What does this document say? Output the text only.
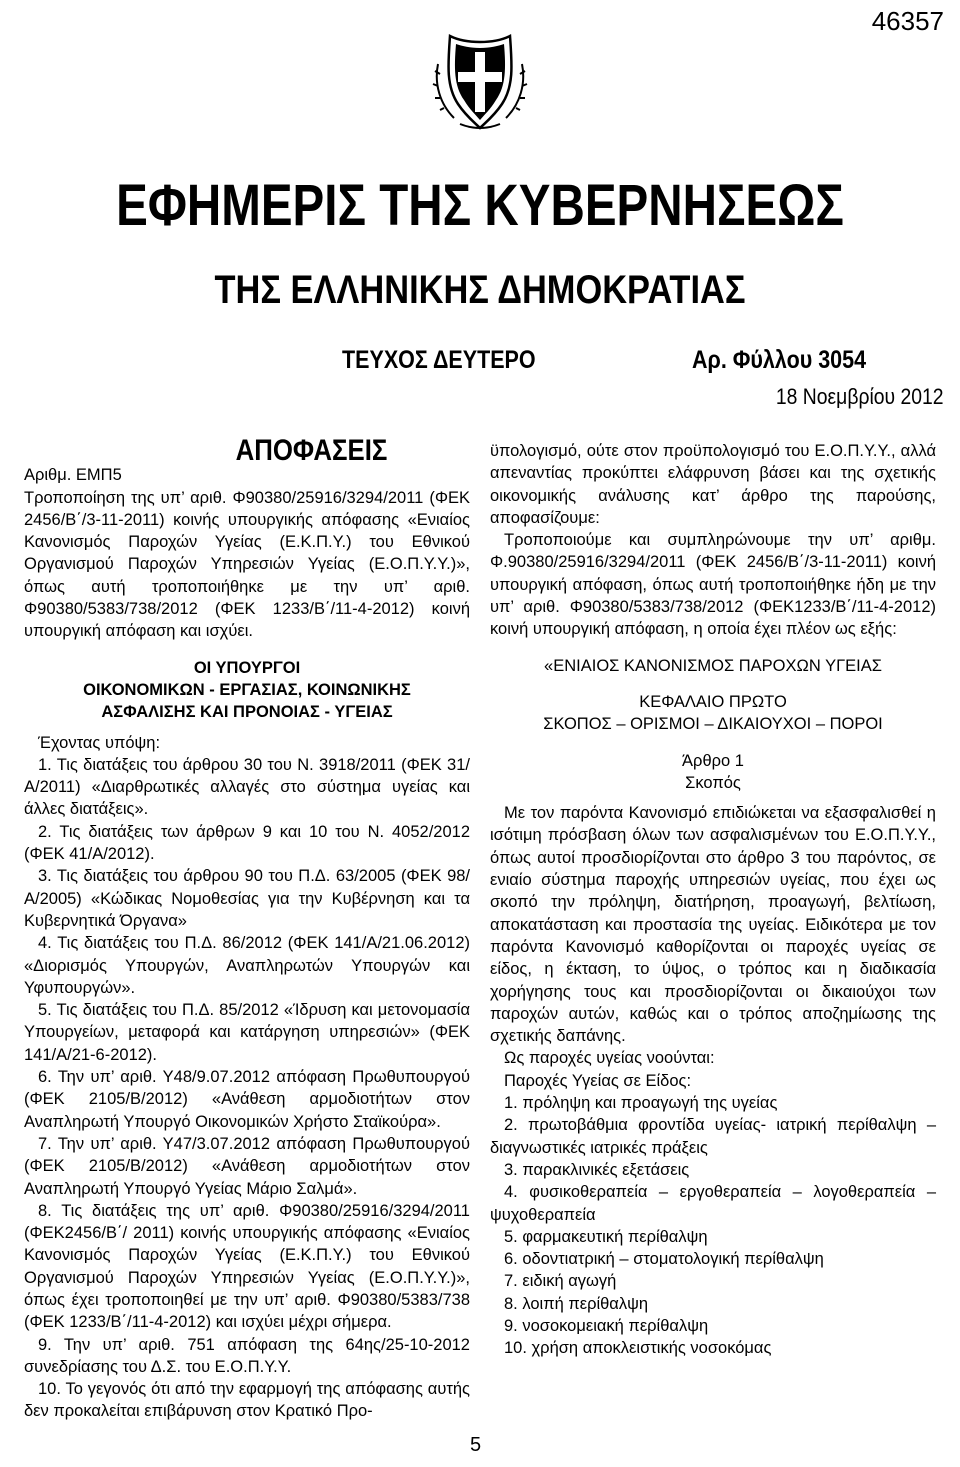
46357
ΕΦΗΜΕΡΙΣ ΤΗΣ ΚΥΒΕΡΝΗΣΕΩΣ
ΤΗΣ ΕΛΛΗΝΙΚΗΣ ΔΗΜΟΚΡΑΤΙΑΣ
ΤΕΥΧΟΣ ΔΕΥΤΕΡΟ	Αρ. Φύλλου 3054
18 Νοεμβρίου 2012
ΑΠΟΦΑΣΕΙΣ

Αριθμ. ΕΜΠ5

Τροποποίηση της υπ’ αριθ. Φ90380/25916/3294/2011 (ΦΕΚ 2456/Β΄/3-11-2011) κοινής υπουργικής απόφασης «Ενιαίος Κανονισμός Παροχών Υγείας (Ε.Κ.Π.Υ.) του Εθνικού Οργανισμού Παροχών Υπηρεσιών Υγείας (Ε.Ο.Π.Υ.Υ.)», όπως αυτή τροποποιήθηκε με την υπ’ αριθ. Φ90380/5383/738/2012 (ΦΕΚ 1233/Β΄/11-4-2012) κοινή υπουργική απόφαση και ισχύει.

ΟΙ ΥΠΟΥΡΓΟΙ

ΟΙΚΟΝΟΜΙΚΩΝ - ΕΡΓΑΣΙΑΣ, ΚΟΙΝΩΝΙΚΗΣ

ΑΣΦΑΛΙΣΗΣ ΚΑΙ ΠΡΟΝΟΙΑΣ - ΥΓΕΙΑΣ

Έχοντας υπόψη:

1. Τις διατάξεις του άρθρου 30 του Ν. 3918/2011 (ΦΕΚ 31/Α/2011) «Διαρθρωτικές αλλαγές στο σύστημα υγείας και άλλες διατάξεις».

2. Τις διατάξεις των άρθρων 9 και 10 του Ν. 4052/2012 (ΦΕΚ 41/Α/2012).

3. Τις διατάξεις του άρθρου 90 του Π.Δ. 63/2005 (ΦΕΚ 98/Α/2005) «Κώδικας Νομοθεσίας για την Κυβέρνηση και τα Κυβερνητικά Όργανα»

4. Τις διατάξεις του Π.Δ. 86/2012 (ΦΕΚ 141/Α/21.06.2012) «Διορισμός Υπουργών, Αναπληρωτών Υπουργών και Υφυπουργών».

5. Τις διατάξεις του Π.Δ. 85/2012 «Ίδρυση και μετονομασία Υπουργείων, μεταφορά και κατάργηση υπηρεσιών» (ΦΕΚ 141/Α/21-6-2012).

6. Την υπ’ αριθ. Υ48/9.07.2012 απόφαση Πρωθυπουργού (ΦΕΚ 2105/Β/2012) «Ανάθεση αρμοδιοτήτων στον Αναπληρωτή Υπουργό Οικονομικών Χρήστο Σταϊκούρα».

7. Την υπ’ αριθ. Υ47/3.07.2012 απόφαση Πρωθυπουργού (ΦΕΚ 2105/Β/2012) «Ανάθεση αρμοδιοτήτων στον Αναπληρωτή Υπουργό Υγείας Μάριο Σαλμά».

8. Τις διατάξεις της υπ’ αριθ. Φ90380/25916/3294/2011 (ΦΕΚ2456/Β΄/ 2011) κοινής υπουργικής απόφασης «Ενιαίος Κανονισμός Παροχών Υγείας (Ε.Κ.Π.Υ.) του Εθνικού Οργανισμού Παροχών Υπηρεσιών Υγείας (Ε.Ο.Π.Υ.Υ.)», όπως έχει τροποποιηθεί με την υπ’ αριθ. Φ90380/5383/738 (ΦΕΚ 1233/Β΄/11-4-2012) και ισχύει μέχρι σήμερα.

9. Την υπ’ αριθ. 751 απόφαση της 64ης/25-10-2012 συνεδρίασης του Δ.Σ. του Ε.Ο.Π.Υ.Υ.

10. Το γεγονός ότι από την εφαρμογή της απόφασης αυτής δεν προκαλείται επιβάρυνση στον Κρατικό Προ-

ϋπολογισμό, ούτε στον προϋπολογισμό του Ε.Ο.Π.Υ.Υ., αλλά απεναντίας προκύπτει ελάφρυνση βάσει και της σχετικής οικονομικής ανάλυσης κατ’ άρθρο της παρούσης, αποφασίζουμε:

Τροποποιούμε και συμπληρώνουμε την υπ’ αριθμ. Φ.90380/25916/3294/2011 (ΦΕΚ 2456/Β΄/3-11-2011) κοινή υπουργική απόφαση, όπως αυτή τροποποιήθηκε ήδη με την υπ’ αριθ. Φ90380/5383/738/2012 (ΦΕΚ1233/Β΄/11-4-2012) κοινή υπουργική απόφαση, η οποία έχει πλέον ως εξής:

«ΕΝΙΑΙΟΣ ΚΑΝΟΝΙΣΜΟΣ ΠΑΡΟΧΩΝ ΥΓΕΙΑΣ

ΚΕΦΑΛΑΙΟ ΠΡΩΤΟ

ΣΚΟΠΟΣ – ΟΡΙΣΜΟΙ – ΔΙΚΑΙΟΥΧΟΙ – ΠΟΡΟΙ

Άρθρο 1

Σκοπός

Με τον παρόντα Κανονισμό επιδιώκεται να εξασφαλισθεί η ισότιμη πρόσβαση όλων των ασφαλισμένων του Ε.Ο.Π.Υ.Υ., όπως αυτοί προσδιορίζονται στο άρθρο 3 του παρόντος, σε ενιαίο σύστημα παροχής υπηρεσιών υγείας, που έχει ως σκοπό την πρόληψη, διατήρηση, προαγωγή, βελτίωση, αποκατάσταση και προστασία της υγείας. Ειδικότερα με τον παρόντα Κανονισμό καθορίζονται οι παροχές υγείας σε είδος, η έκταση, το ύψος, ο τρόπος και η διαδικασία χορήγησης τους και προσδιορίζονται οι δικαιούχοι των παροχών αυτών, καθώς και ο τρόπος αποζημίωσης της σχετικής δαπάνης.

Ως παροχές υγείας νοούνται:

Παροχές Υγείας σε Είδος:

1. πρόληψη και προαγωγή της υγείας

2. πρωτοβάθμια φροντίδα υγείας- ιατρική περίθαλψη – διαγνωστικές ιατρικές πράξεις

3. παρακλινικές εξετάσεις

4. φυσικοθεραπεία – εργοθεραπεία – λογοθεραπεία – ψυχοθεραπεία

5. φαρμακευτική περίθαλψη

6. οδοντιατρική – στοματολογική περίθαλψη

7. ειδική αγωγή

8. λοιπή περίθαλψη

9. νοσοκομειακή περίθαλψη

10. χρήση αποκλειστικής νοσοκόμας

5
